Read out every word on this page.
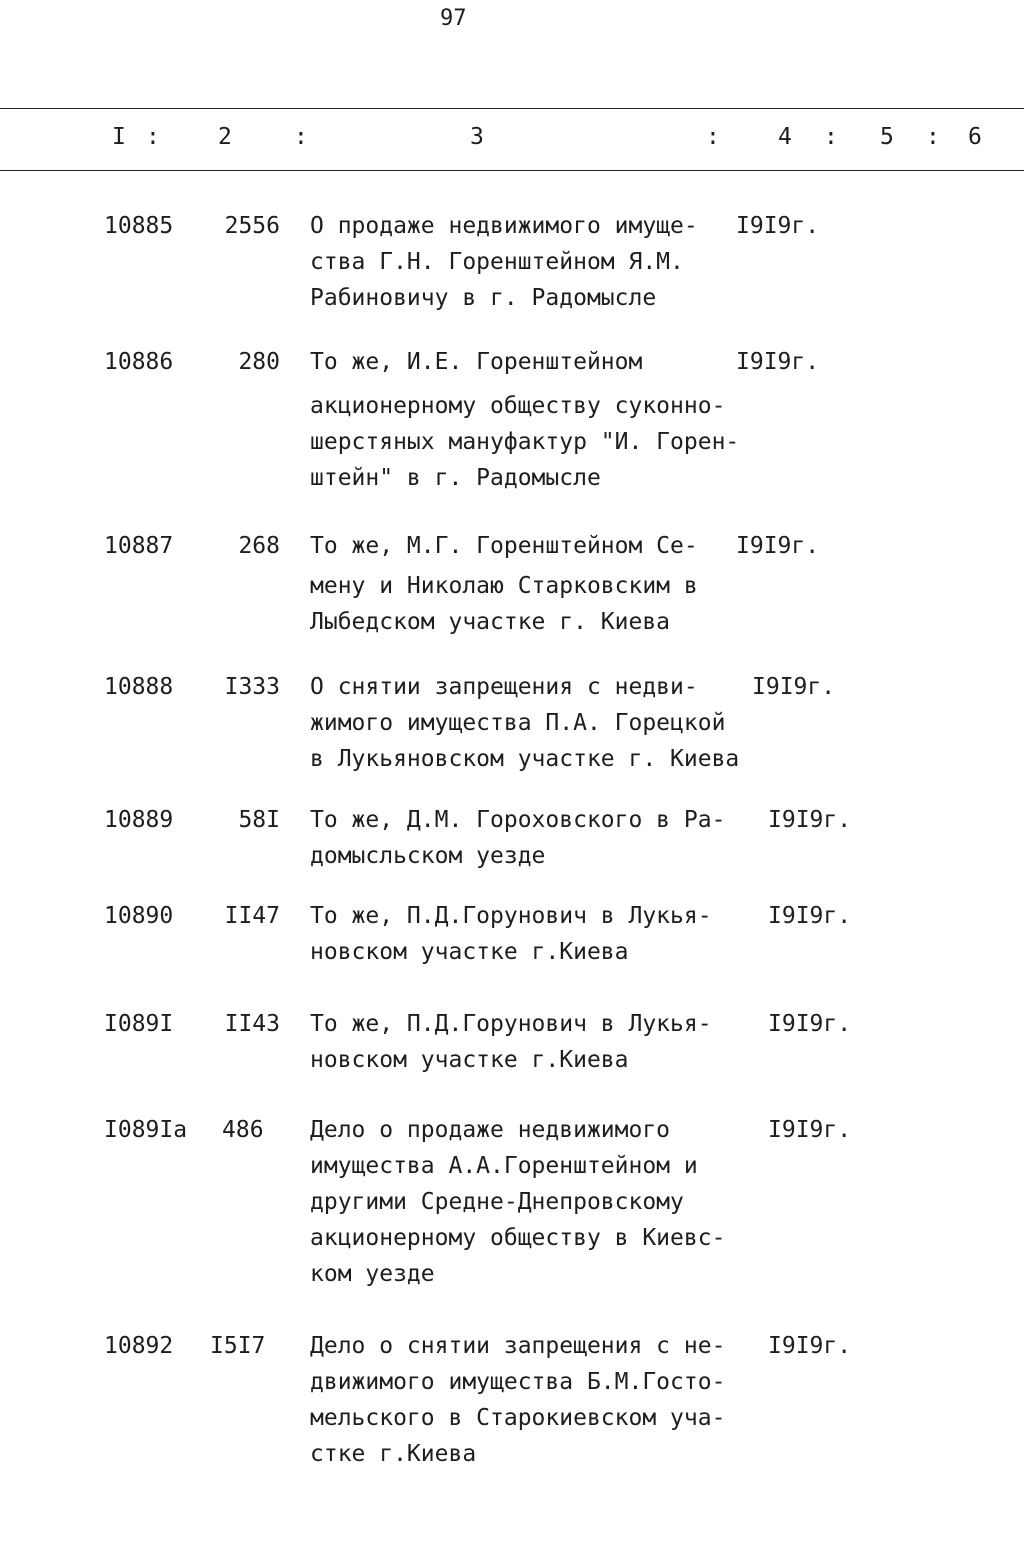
97
I :	2	:	3	:	4 : 5 : 6
10885	2556 О продаже недвижимого имуще-
ства Г.Н. Горенштейном Я.М.
Рабиновичу в г. Радомысле
I9I9г.
10886	280 То же, И.Е. Горенштейном
акционерному обществу суконно-
шерстяных мануфактур "И. Горен-
штейн" в г. Радомысле
I9I9г.
10887	268 То же, М.Г. Горенштейном Се-
мену и Николаю Старковским в
Лыбедском участке г. Киева
I9I9г.
10888	I333 О снятии запрещения с недви-
жимого имущества П.А. Горецкой
в Лукьяновском участке г. Киева
I9I9г.
10889	58I То же, Д.М. Гороховского в Ра-
домысльском уезде
I9I9г.
10890	II47 То же, П.Д.Горунович в Лукья-
новском участке г.Киева
I9I9г.
I089I	II43 То же, П.Д.Горунович в Лукья-
новском участке г.Киева
I9I9г.
I089Iа 486 Дело о продаже недвижимого
имущества А.А.Горенштейном и
другими Средне-Днепровскому
акционерному обществу в Киевс-
ком уезде
I9I9г.
10892 I5I7 Дело о снятии запрещения с не-
движимого имущества Б.М.Госто-
мельского в Старокиевском уча-
стке г.Киева
I9I9г.
